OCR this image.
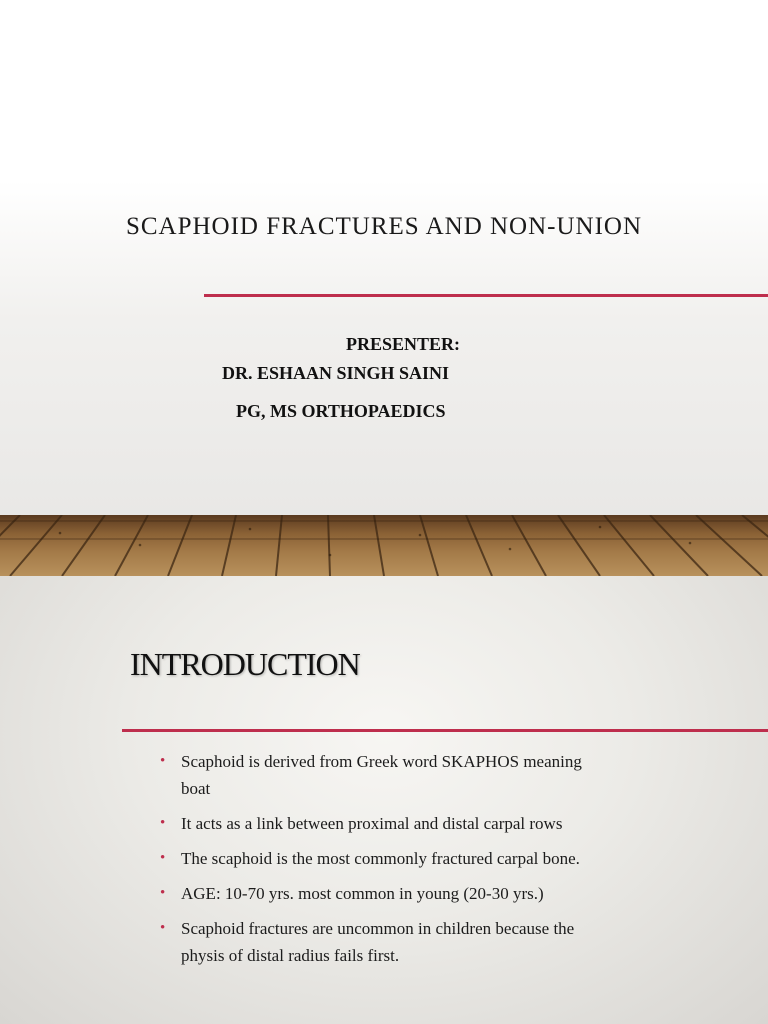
SCAPHOID FRACTURES AND NON-UNION
PRESENTER:
DR. ESHAAN SINGH SAINI
PG, MS ORTHOPAEDICS
INTRODUCTION
• Scaphoid is derived from Greek word SKAPHOS meaning boat
• It acts as a link between proximal and distal carpal rows
• The scaphoid is the most commonly fractured carpal bone.
• AGE: 10-70 yrs. most common in young (20-30 yrs.)
• Scaphoid fractures are uncommon in children because the physis of distal radius fails first.
